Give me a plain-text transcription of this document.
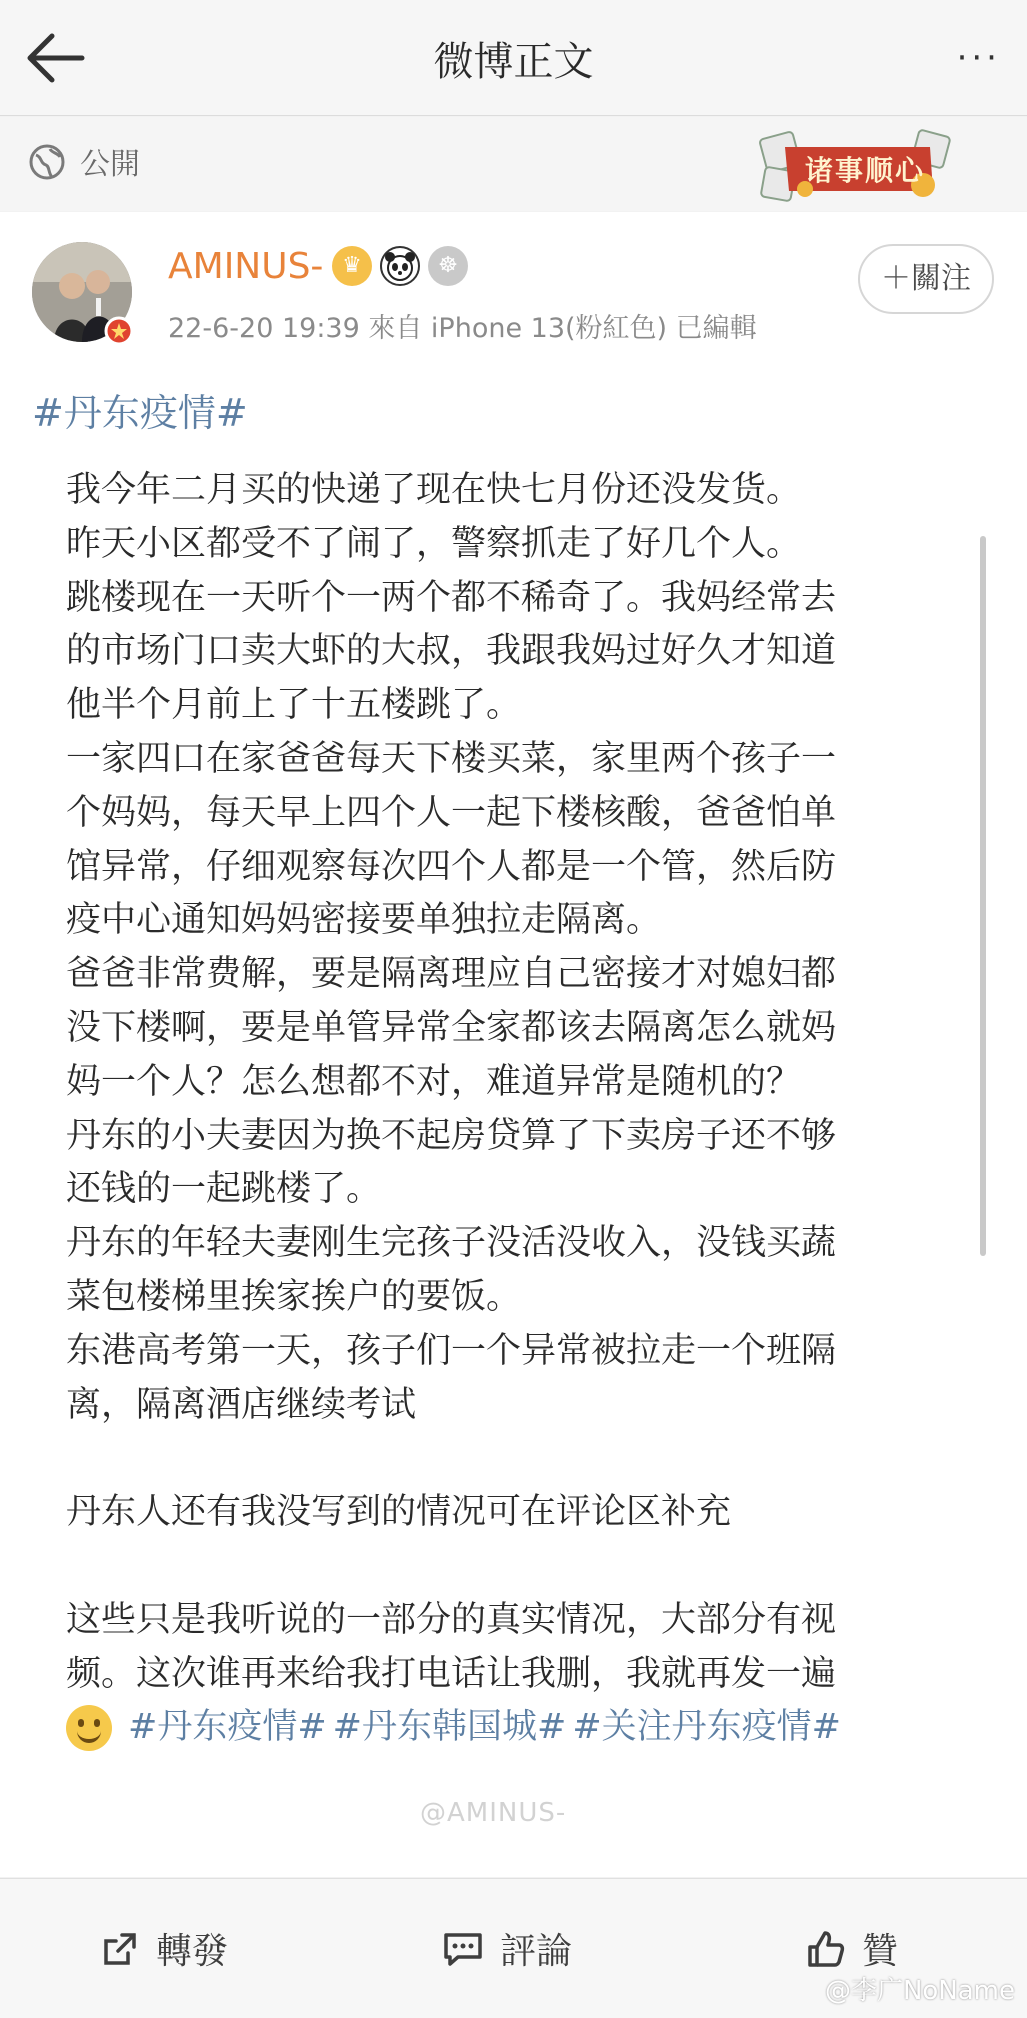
微博正文	···
公開	诸事顺心
AMINUS- ♛	☸
22-6-20 19:39 來自 iPhone 13(粉紅色) 已編輯
＋關注
#丹东疫情#

我今年二月买的快递了现在快七月份还没发货。

昨天小区都受不了闹了，警察抓走了好几个人。

跳楼现在一天听个一两个都不稀奇了。我妈经常去

的市场门口卖大虾的大叔，我跟我妈过好久才知道

他半个月前上了十五楼跳了。

一家四口在家爸爸每天下楼买菜，家里两个孩子一

个妈妈，每天早上四个人一起下楼核酸，爸爸怕单

馆异常，仔细观察每次四个人都是一个管，然后防

疫中心通知妈妈密接要单独拉走隔离。

爸爸非常费解，要是隔离理应自己密接才对媳妇都

没下楼啊，要是单管异常全家都该去隔离怎么就妈

妈一个人？怎么想都不对，难道异常是随机的？

丹东的小夫妻因为换不起房贷算了下卖房子还不够

还钱的一起跳楼了。

丹东的年轻夫妻刚生完孩子没活没收入，没钱买蔬

菜包楼梯里挨家挨户的要饭。

东港高考第一天，孩子们一个异常被拉走一个班隔

离，隔离酒店继续考试

丹东人还有我没写到的情况可在评论区补充

这些只是我听说的一部分的真实情况，大部分有视

频。这次谁再来给我打电话让我删，我就再发一遍

#丹东疫情# #丹东韩国城# #关注丹东疫情#
@AMINUS-
轉發	評論	贊
@李广NoName
